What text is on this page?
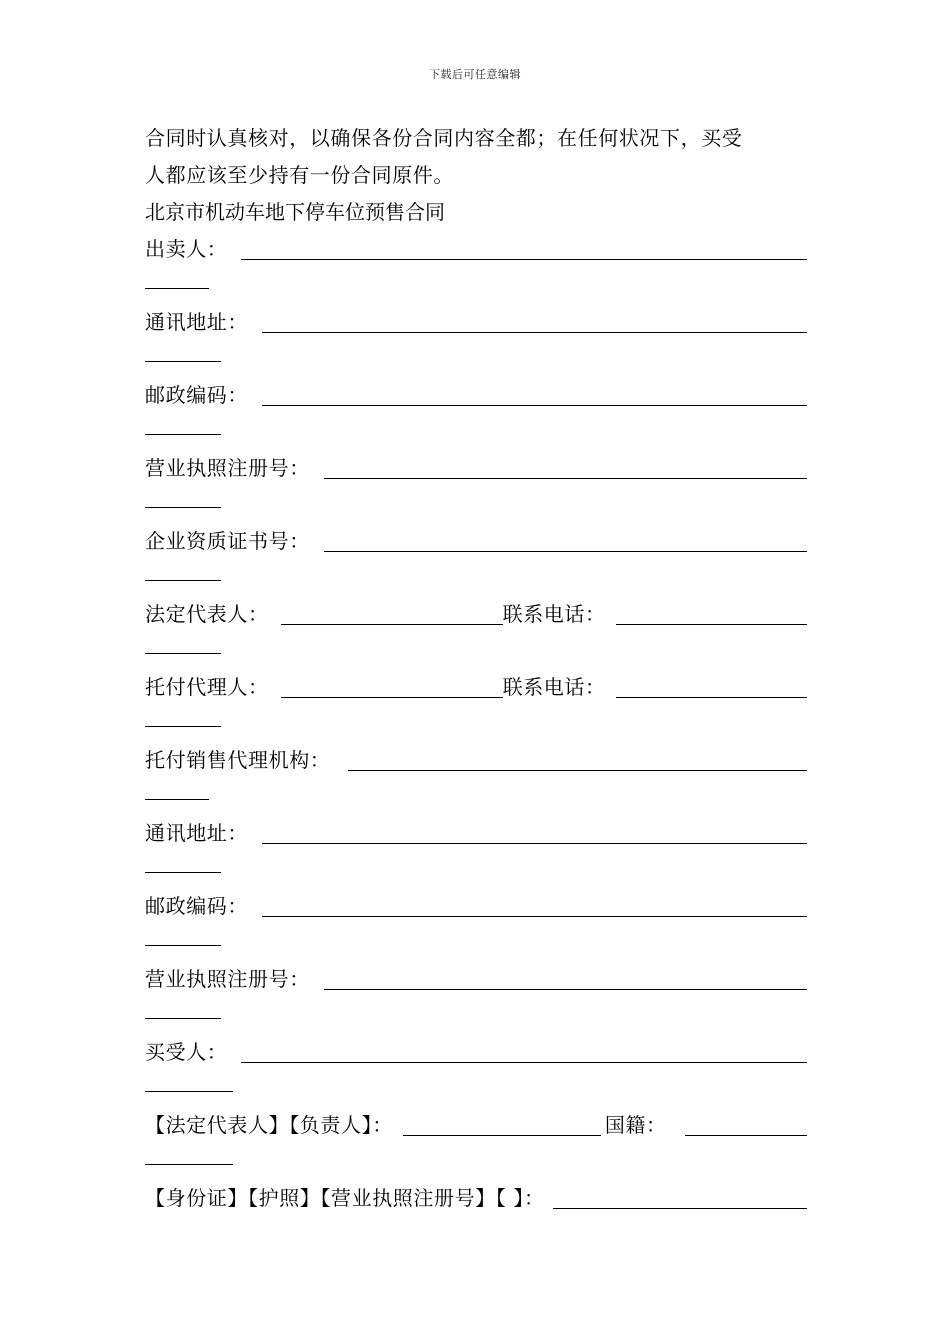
下载后可任意编辑
合同时认真核对，以确保各份合同内容全都；在任何状况下，买受
人都应该至少持有一份合同原件。
北京市机动车地下停车位预售合同
出卖人：
通讯地址：
邮政编码：
营业执照注册号：
企业资质证书号：
法定代表人：	联系电话：
托付代理人：	联系电话：
托付销售代理机构：
通讯地址：
邮政编码：
营业执照注册号：
买受人：
【法定代表人】【负责人】：	国籍：
【身份证】【护照】【营业执照注册号】【 】：
